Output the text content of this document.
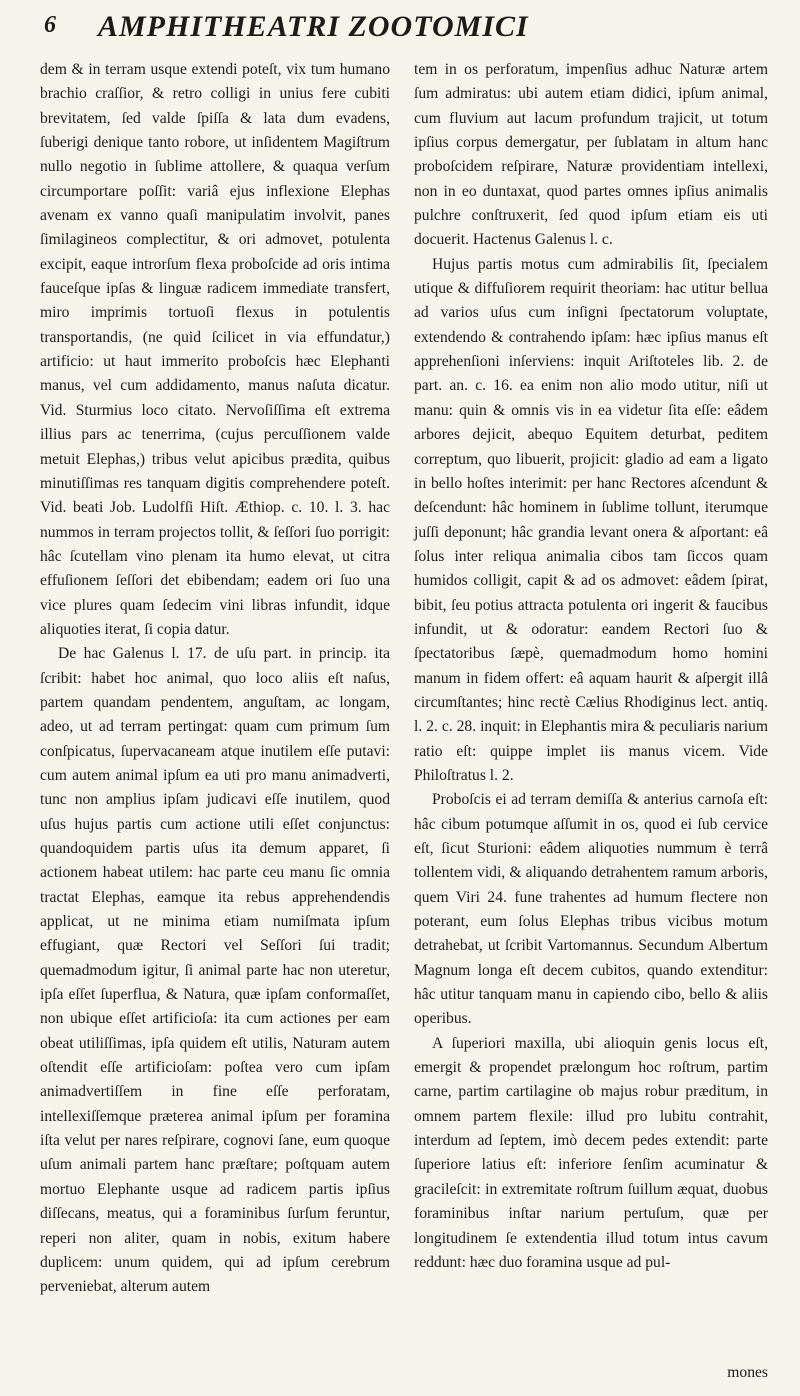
6 AMPHITHEATRI ZOOTOMICI

dem & in terram usque extendi poteſt, vix tum humano brachio craſſior, & retro colligi in unius fere cubiti brevitatem, ſed valde ſpiſſa & lata dum evadens, ſuberigi denique tanto robore, ut inſidentem Magiſtrum nullo negotio in ſublime attollere, & quaqua verſum circumportare poſſit: variâ ejus inflexione Elephas avenam ex vanno quaſi manipulatim involvit, panes ſimilagineos complectitur, & ori admovet, potulenta excipit, eaque introrſum flexa proboſcide ad oris intima fauceſque ipſas & linguæ radicem immediate transfert, miro imprimis tortuoſi flexus in potulentis transportandis, (ne quid ſcilicet in via effundatur,) artificio: ut haut immerito proboſcis hæc Elephanti manus, vel cum addidamento, manus naſuta dicatur. Vid. Sturmius loco citato. Nervoſiſſima eſt extrema illius pars ac tenerrima, (cujus percuſſionem valde metuit Elephas,) tribus velut apicibus prædita, quibus minutiſſimas res tanquam digitis comprehendere poteſt. Vid. beati Job. Ludolfſi Hiſt. Æthiop. c. 10. l. 3. hac nummos in terram projectos tollit, & ſeſſori ſuo porrigit: hâc ſcutellam vino plenam ita humo elevat, ut citra effuſionem ſeſſori det ebibendam; eadem ori ſuo una vice plures quam ſedecim vini libras infundit, idque aliquoties iterat, ſi copia datur.

De hac Galenus l. 17. de uſu part. in princip. ita ſcribit: habet hoc animal, quo loco aliis eſt naſus, partem quandam pendentem, anguſtam, ac longam, adeo, ut ad terram pertingat: quam cum primum ſum conſpicatus, ſupervacaneam atque inutilem eſſe putavi: cum autem animal ipſum ea uti pro manu animadverti, tunc non amplius ipſam judicavi eſſe inutilem, quod uſus hujus partis cum actione utili eſſet conjunctus: quandoquidem partis uſus ita demum apparet, ſi actionem habeat utilem: hac parte ceu manu ſic omnia tractat Elephas, eamque ita rebus apprehendendis applicat, ut ne minima etiam numiſmata ipſum effugiant, quæ Rectori vel Seſſori ſui tradit; quemadmodum igitur, ſi animal parte hac non uteretur, ipſa eſſet ſuperflua, & Natura, quæ ipſam conformaſſet, non ubique eſſet artificioſa: ita cum actiones per eam obeat utiliſſimas, ipſa quidem eſt utilis, Naturam autem oſtendit eſſe artificioſam: poſtea vero cum ipſam animadvertiſſem in fine eſſe perforatam, intellexiſſemque præterea animal ipſum per foramina iſta velut per nares reſpirare, cognovi ſane, eum quoque uſum animali partem hanc præſtare; poſtquam autem mortuo Elephante usque ad radicem partis ipſius diſſecans, meatus, qui a foraminibus ſurſum feruntur, reperi non aliter, quam in nobis, exitum habere duplicem: unum quidem, qui ad ipſum cerebrum perveniebat, alterum autem

tem in os perforatum, impenſius adhuc Naturæ artem ſum admiratus: ubi autem etiam didici, ipſum animal, cum fluvium aut lacum profundum trajicit, ut totum ipſius corpus demergatur, per ſublatam in altum hanc proboſcidem reſpirare, Naturæ providentiam intellexi, non in eo duntaxat, quod partes omnes ipſius animalis pulchre conſtruxerit, ſed quod ipſum etiam eis uti docuerit. Hactenus Galenus l. c.

Hujus partis motus cum admirabilis ſit, ſpecialem utique & diffuſiorem requirit theoriam: hac utitur bellua ad varios uſus cum inſigni ſpectatorum voluptate, extendendo & contrahendo ipſam: hæc ipſius manus eſt apprehenſioni inſerviens: inquit Ariſtoteles lib. 2. de part. an. c. 16. ea enim non alio modo utitur, niſi ut manu: quin & omnis vis in ea videtur ſita eſſe: eâdem arbores dejicit, abequo Equitem deturbat, peditem correptum, quo libuerit, projicit: gladio ad eam a ligato in bello hoſtes interimit: per hanc Rectores aſcendunt & deſcendunt: hâc hominem in ſublime tollunt, iterumque juſſi deponunt; hâc grandia levant onera & aſportant: eâ ſolus inter reliqua animalia cibos tam ſiccos quam humidos colligit, capit & ad os admovet: eâdem ſpirat, bibit, ſeu potius attracta potulenta ori ingerit & faucibus infundit, ut & odoratur: eandem Rectori ſuo & ſpectatoribus ſæpè, quemadmodum homo homini manum in fidem offert: eâ aquam haurit & aſpergit illâ circumſtantes; hinc rectè Cælius Rhodiginus lect. antiq. l. 2. c. 28. inquit: in Elephantis mira & peculiaris narium ratio eſt: quippe implet iis manus vicem. Vide Philoſtratus l. 2.

Proboſcis ei ad terram demiſſa & anterius carnoſa eſt: hâc cibum potumque aſſumit in os, quod ei ſub cervice eſt, ſicut Sturioni: eâdem aliquoties nummum è terrâ tollentem vidi, & aliquando detrahentem ramum arboris, quem Viri 24. fune trahentes ad humum flectere non poterant, eum ſolus Elephas tribus vicibus motum detrahebat, ut ſcribit Vartomannus. Secundum Albertum Magnum longa eſt decem cubitos, quando extenditur: hâc utitur tanquam manu in capiendo cibo, bello & aliis operibus.

A ſuperiori maxilla, ubi alioquin genis locus eſt, emergit & propendet prælongum hoc roſtrum, partim carne, partim cartilagine ob majus robur præditum, in omnem partem flexile: illud pro lubitu contrahit, interdum ad ſeptem, imò decem pedes extendit: parte ſuperiore latius eſt: inferiore ſenſim acuminatur & gracileſcit: in extremitate roſtrum ſuillum æquat, duobus foraminibus inſtar narium pertuſum, quæ per longitudinem ſe extendentia illud totum intus cavum reddunt: hæc duo foramina usque ad pul-

mones
